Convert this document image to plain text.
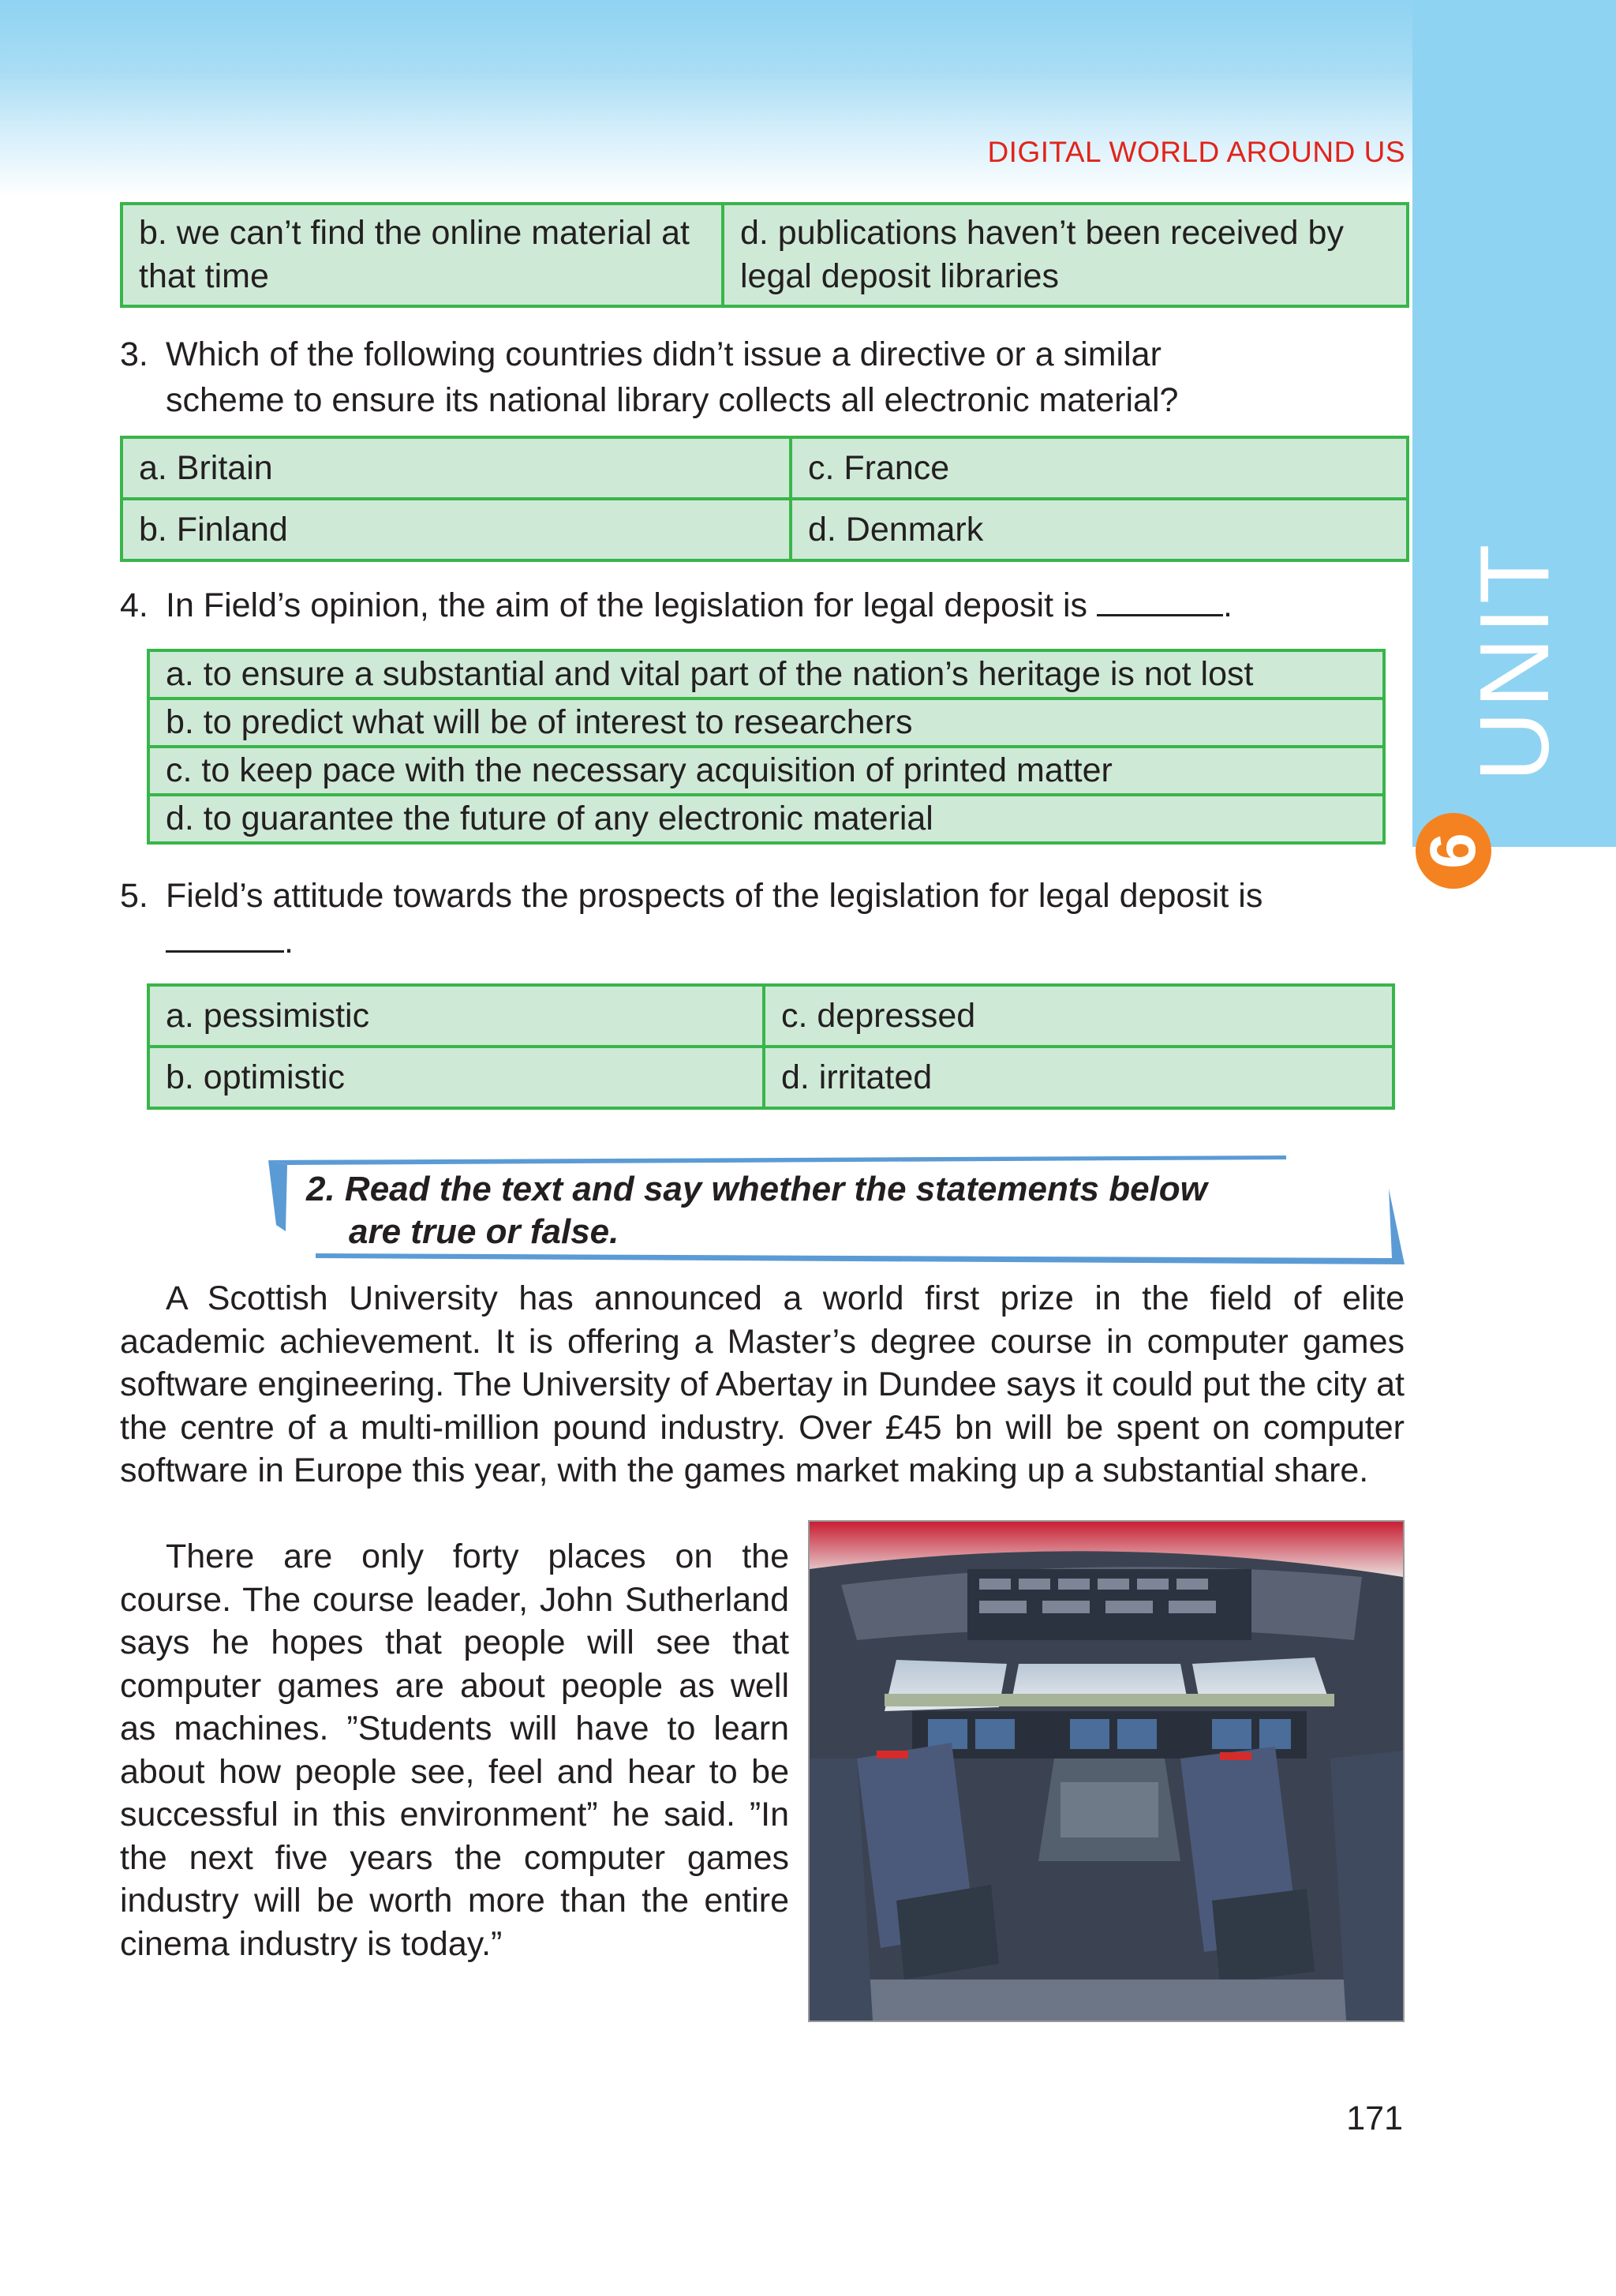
UNIT
6
DIGITAL WORLD AROUND US
b. we can’t find the online material at that time	d. publications haven’t been received by legal deposit libraries
3. Which of the following countries didn’t issue a directive or a similar
scheme to ensure its national library collects all electronic material?
a. Britain	c. France
b. Finland	d. Denmark
4. In Field’s opinion, the aim of the legislation for legal deposit is	.
a. to ensure a substantial and vital part of the nation’s heritage is not lost
b. to predict what will be of interest to researchers
c. to keep pace with the necessary acquisition of printed matter
d. to guarantee the future of any electronic material
5. Field’s attitude towards the prospects of the legislation for legal deposit is
.
a. pessimistic	c. depressed
b. optimistic	d. irritated
2. Read the text and say whether the statements below
are true or false.

A Scottish University has announced a world first prize in the field of elite academic achievement. It is offering a Master’s degree course in computer games software engineering. The University of Abertay in Dundee says it could put the city at the centre of a multi-million pound industry. Over £45 bn will be spent on computer software in Europe this year, with the games market making up a substantial share.

There are only forty places on the course. The course leader, John Sutherland says he hopes that people will see that computer games are about people as well as machines. ”Students will have to learn about how people see, feel and hear to be successful in this environment” he said. ”In the next five years the computer games industry will be worth more than the entire cinema industry is today.”

171
